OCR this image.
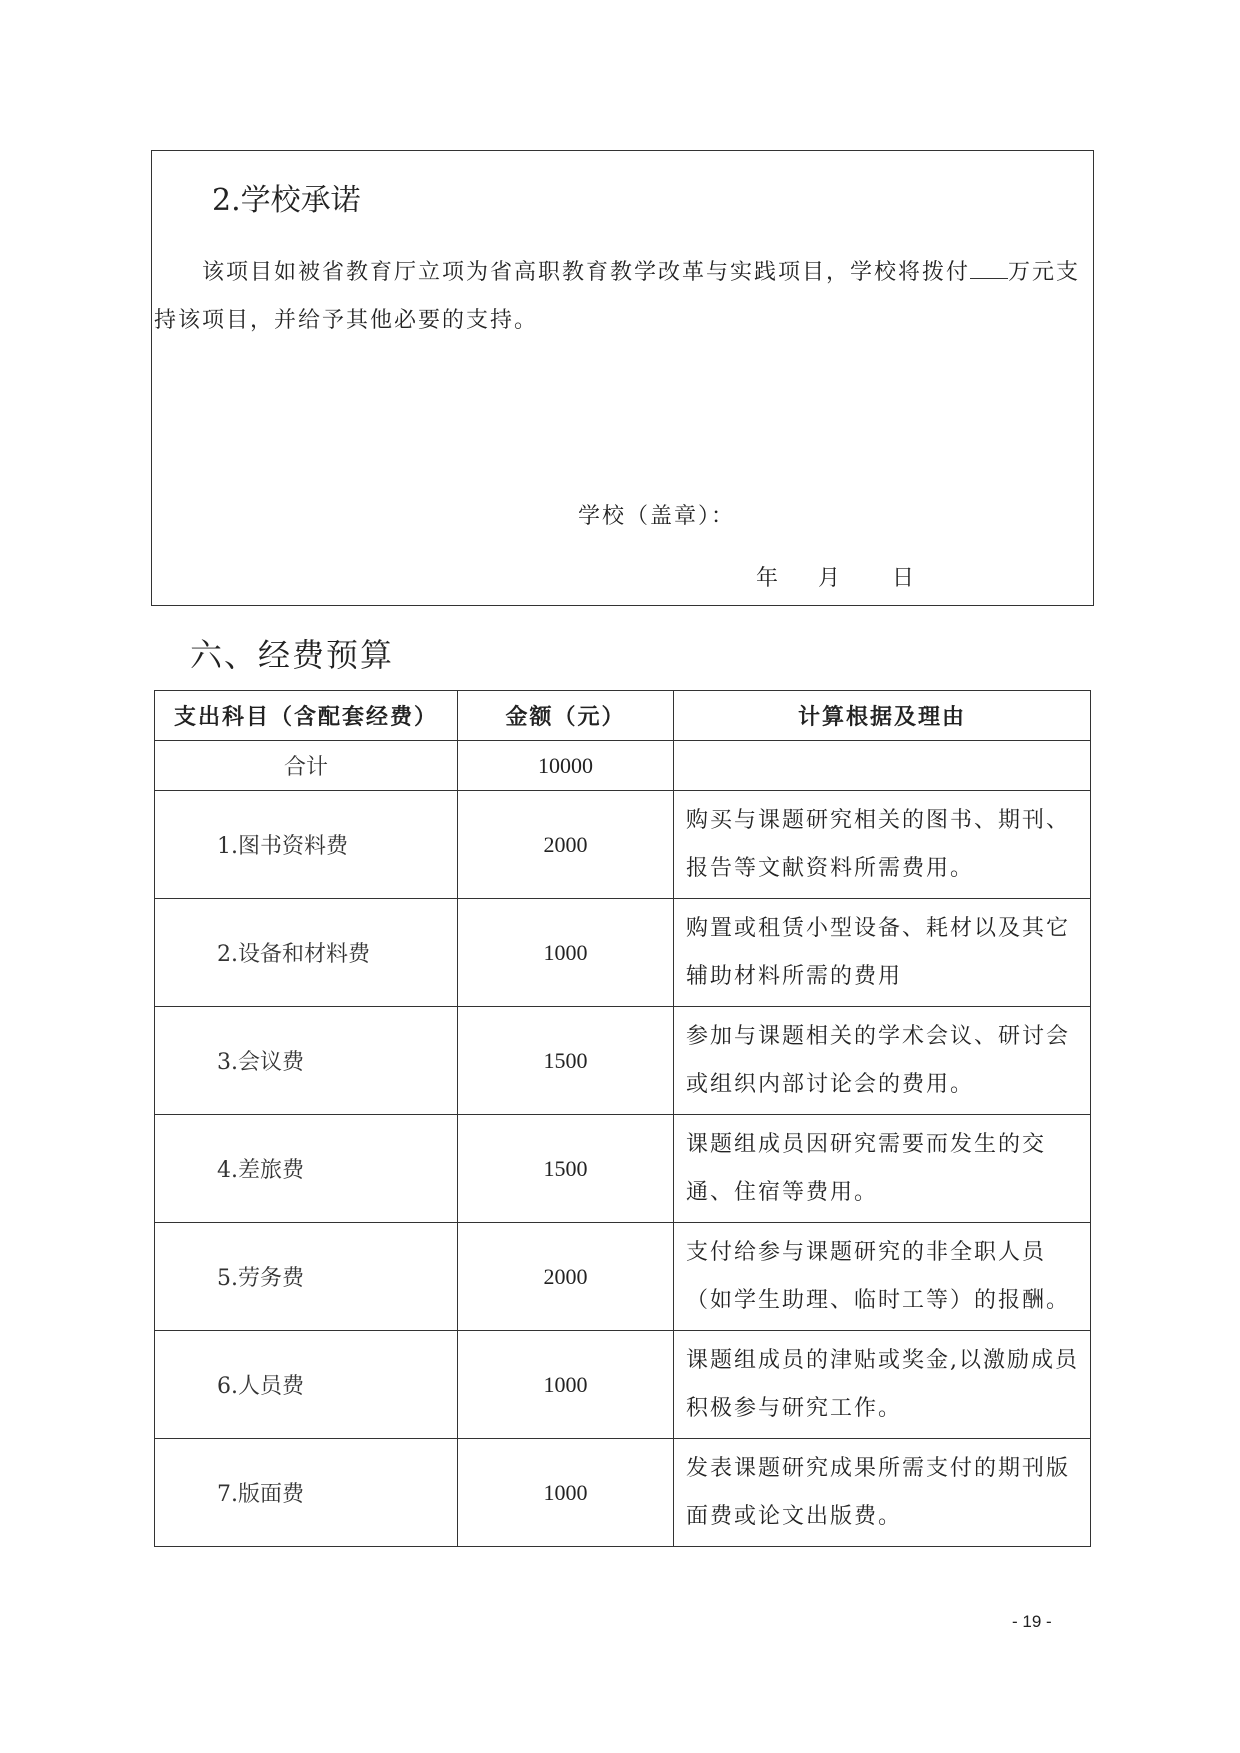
2.学校承诺

该项目如被省教育厅立项为省高职教育教学改革与实践项目，学校将拨付 万元支持该项目，并给予其他必要的支持。

学校（盖章）：
年 月 日
六、经费预算
支出科目（含配套经费）	金额（元）	计算根据及理由
合计	10000	
1.图书资料费	2000	购买与课题研究相关的图书、期刊、报告等文献资料所需费用。
2.设备和材料费	1000	购置或租赁小型设备、耗材以及其它辅助材料所需的费用
3.会议费	1500	参加与课题相关的学术会议、研讨会或组织内部讨论会的费用。
4.差旅费	1500	课题组成员因研究需要而发生的交通、住宿等费用。
5.劳务费	2000	支付给参与课题研究的非全职人员（如学生助理、临时工等）的报酬。
6.人员费	1000	课题组成员的津贴或奖金,以激励成员积极参与研究工作。
7.版面费	1000	发表课题研究成果所需支付的期刊版面费或论文出版费。
- 19 -
